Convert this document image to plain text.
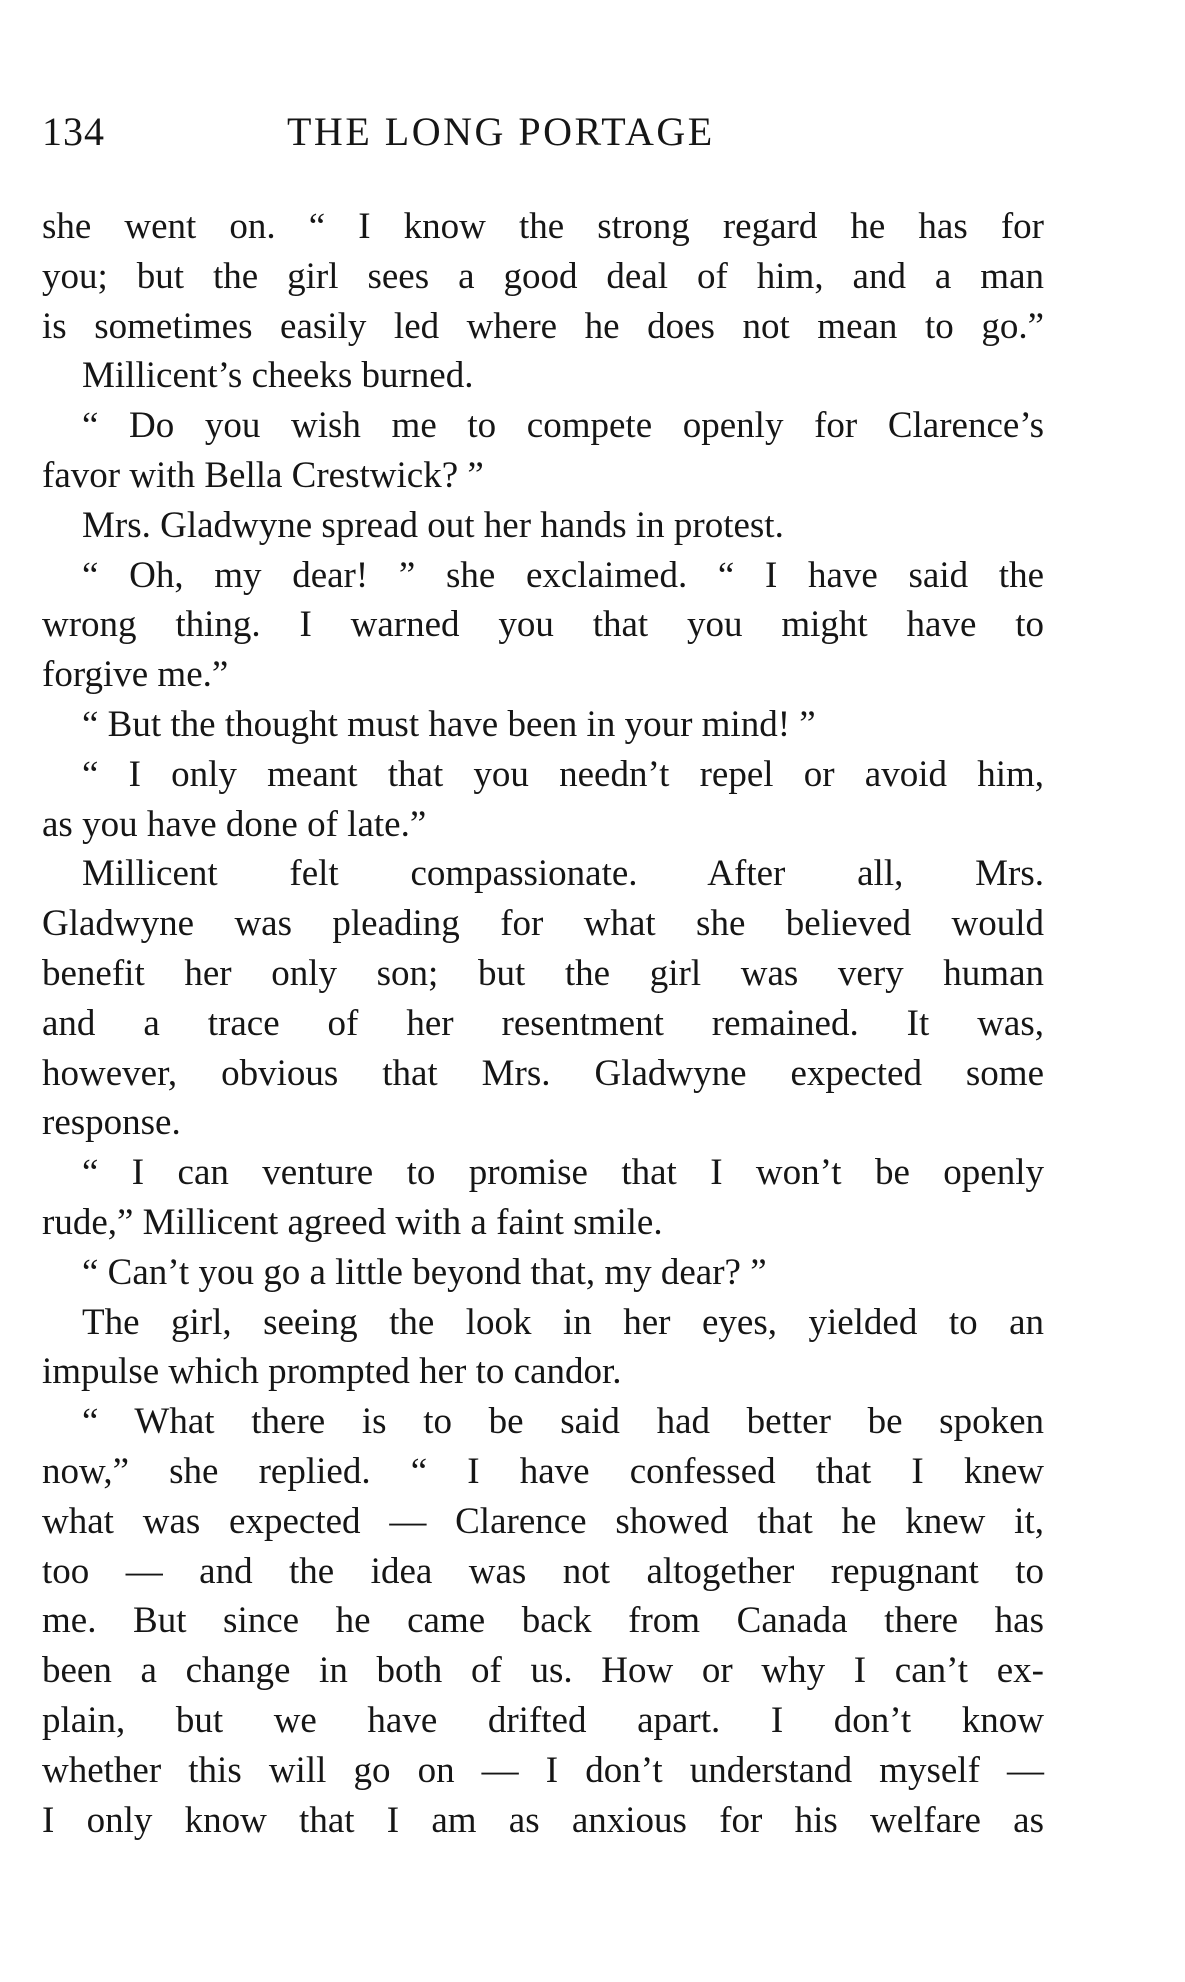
134	THE LONG PORTAGE
she went on. “ I know the strong regard he has for
you; but the girl sees a good deal of him, and a man
is sometimes easily led where he does not mean to go.”
Millicent’s cheeks burned.
“ Do you wish me to compete openly for Clarence’s
favor with Bella Crestwick? ”
Mrs. Gladwyne spread out her hands in protest.
“ Oh, my dear! ” she exclaimed. “ I have said the
wrong thing. I warned you that you might have to
forgive me.”
“ But the thought must have been in your mind! ”
“ I only meant that you needn’t repel or avoid him,
as you have done of late.”
Millicent felt compassionate. After all, Mrs.
Gladwyne was pleading for what she believed would
benefit her only son; but the girl was very human
and a trace of her resentment remained. It was,
however, obvious that Mrs. Gladwyne expected some
response.
“ I can venture to promise that I won’t be openly
rude,” Millicent agreed with a faint smile.
“ Can’t you go a little beyond that, my dear? ”
The girl, seeing the look in her eyes, yielded to an
impulse which prompted her to candor.
“ What there is to be said had better be spoken
now,” she replied. “ I have confessed that I knew
what was expected — Clarence showed that he knew it,
too — and the idea was not altogether repugnant to
me. But since he came back from Canada there has
been a change in both of us. How or why I can’t ex-
plain, but we have drifted apart. I don’t know
whether this will go on — I don’t understand myself —
I only know that I am as anxious for his welfare as
